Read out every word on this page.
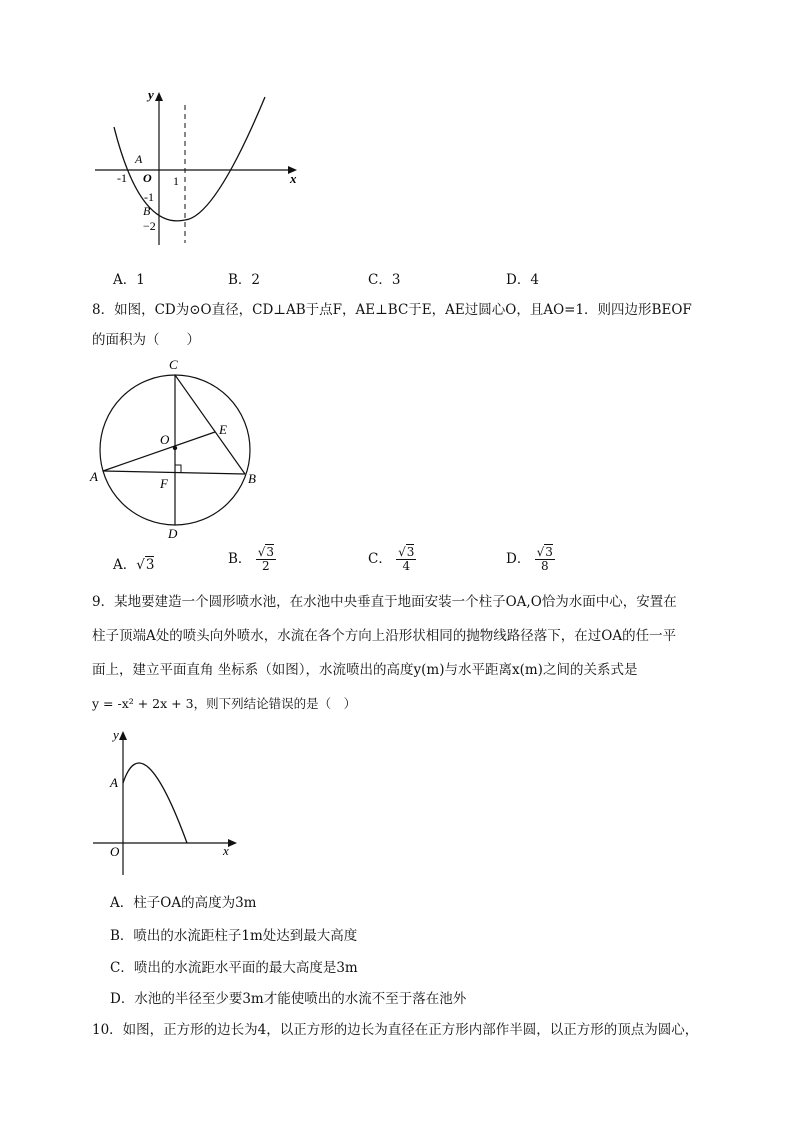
y
x
A
O
-1	1
-1
B
−2
A．1	B．2	C．3	D．4
8．如图，CD为⊙O直径，CD⊥AB于点F，AE⊥BC于E，AE过圆心O，且AO=1．则四边形BEOF
的面积为（　　）
C
O
E
A	F	B
D
A．√3	B． $\frac{√3}{2}$	C． $\frac{√3}{4}$	D． $\frac{√3}{8}$
9．某地要建造一个圆形喷水池，在水池中央垂直于地面安装一个柱子OA,O恰为水面中心，安置在
柱子顶端A处的喷头向外喷水，水流在各个方向上沿形状相同的抛物线路径落下，在过OA的任一平
面上，建立平面直角 坐标系（如图），水流喷出的高度y(m)与水平距离x(m)之间的关系式是
y = -x² + 2x + 3，则下列结论错误的是（　）
y
A
O	x
A．柱子OA的高度为3m
B．喷出的水流距柱子1m处达到最大高度
C．喷出的水流距水平面的最大高度是3m
D．水池的半径至少要3m才能使喷出的水流不至于落在池外
10．如图，正方形的边长为4，以正方形的边长为直径在正方形内部作半圆，以正方形的顶点为圆心，
